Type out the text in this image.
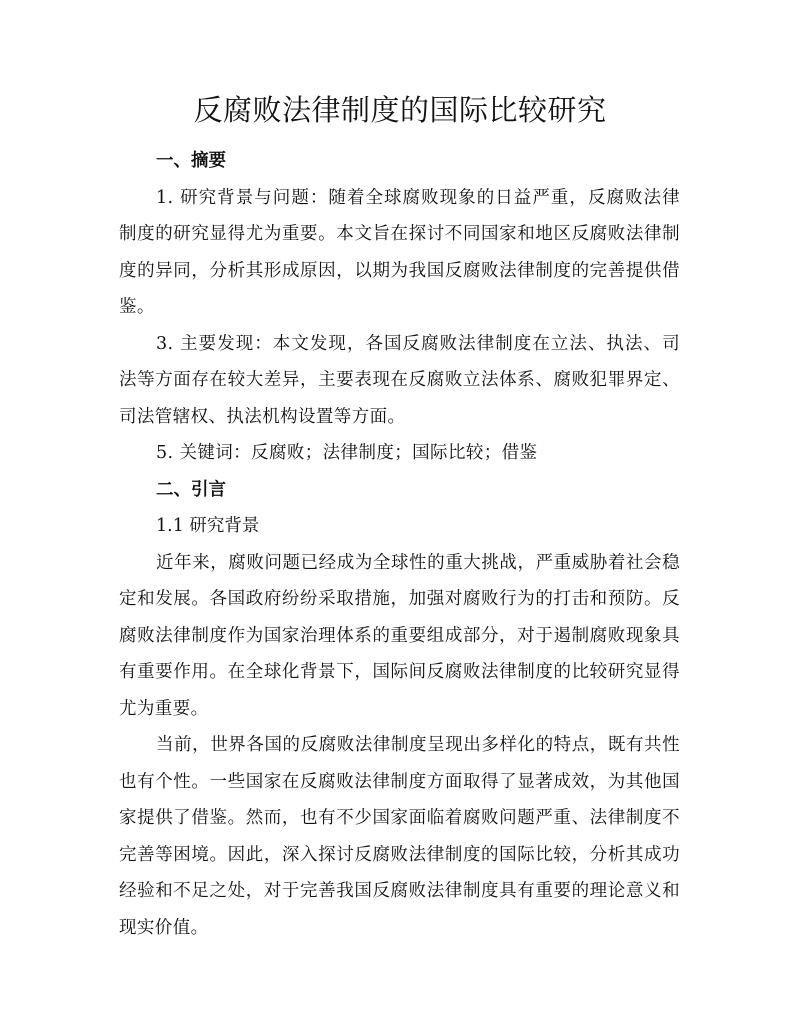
反腐败法律制度的国际比较研究

一、摘要

1. 研究背景与问题：随着全球腐败现象的日益严重，反腐败法律制度的研究显得尤为重要。本文旨在探讨不同国家和地区反腐败法律制度的异同，分析其形成原因，以期为我国反腐败法律制度的完善提供借鉴。

3. 主要发现：本文发现，各国反腐败法律制度在立法、执法、司法等方面存在较大差异，主要表现在反腐败立法体系、腐败犯罪界定、司法管辖权、执法机构设置等方面。

5. 关键词：反腐败；法律制度；国际比较；借鉴

二、引言

1.1 研究背景

近年来，腐败问题已经成为全球性的重大挑战，严重威胁着社会稳定和发展。各国政府纷纷采取措施，加强对腐败行为的打击和预防。反腐败法律制度作为国家治理体系的重要组成部分，对于遏制腐败现象具有重要作用。在全球化背景下，国际间反腐败法律制度的比较研究显得尤为重要。

当前，世界各国的反腐败法律制度呈现出多样化的特点，既有共性也有个性。一些国家在反腐败法律制度方面取得了显著成效，为其他国家提供了借鉴。然而，也有不少国家面临着腐败问题严重、法律制度不完善等困境。因此，深入探讨反腐败法律制度的国际比较，分析其成功经验和不足之处，对于完善我国反腐败法律制度具有重要的理论意义和现实价值。
